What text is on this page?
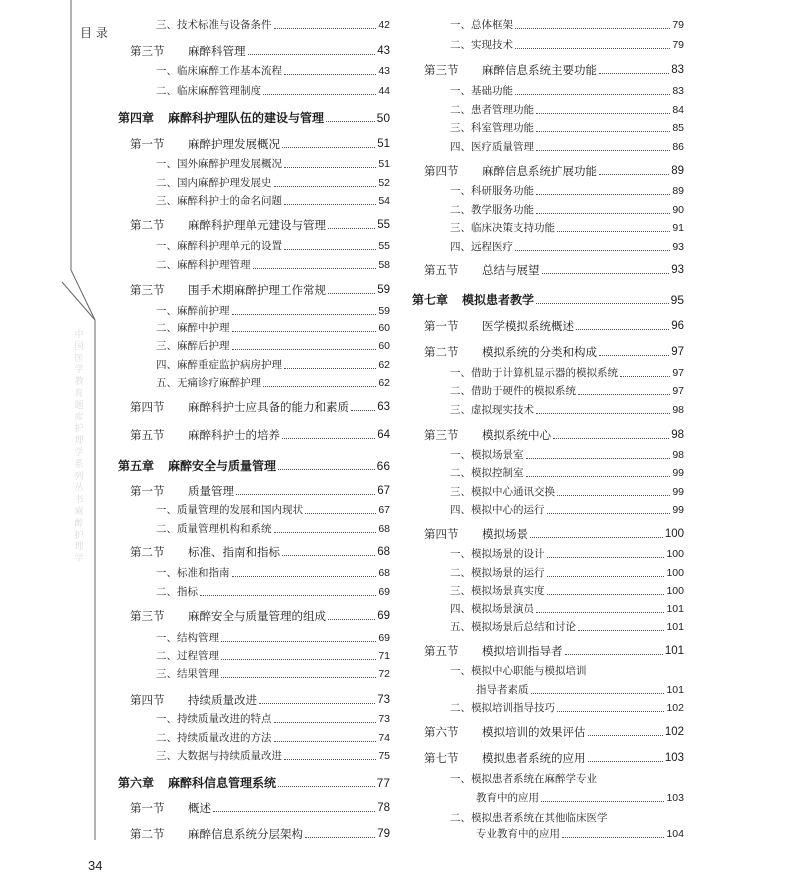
目 录
中国医学教育题库护理学系列丛书麻醉护理学
34
三、 技术标准与设备条件	42
第三节	麻醉科管理	43
一、 临床麻醉工作基本流程	43
二、 临床麻醉管理制度	44
第四章	麻醉科护理队伍的建设与管理	50
第一节	麻醉护理发展概况	51
一、 国外麻醉护理发展概况	51
二、 国内麻醉护理发展史	52
三、 麻醉科护士的命名问题	54
第二节	麻醉科护理单元建设与管理	55
一、 麻醉科护理单元的设置	55
二、 麻醉科护理管理	58
第三节	围手术期麻醉护理工作常规	59
一、 麻醉前护理	59
二、 麻醉中护理	60
三、 麻醉后护理	60
四、 麻醉重症监护病房护理	62
五、 无痛诊疗麻醉护理	62
第四节	麻醉科护士应具备的能力和素质 63
第五节	麻醉科护士的培养	64
第五章	麻醉安全与质量管理	66
第一节	质量管理	67
一、 质量管理的发展和国内现状	67
二、 质量管理机构和系统	68
第二节	标准、指南和指标	68
一、 标准和指南	68
二、 指标	69
第三节	麻醉安全与质量管理的组成	69
一、 结构管理	69
二、 过程管理	71
三、 结果管理	72
第四节	持续质量改进	73
一、 持续质量改进的特点	73
二、 持续质量改进的方法	74
三、 大数据与持续质量改进	75
第六章	麻醉科信息管理系统	77
第一节	概述	78
第二节	麻醉信息系统分层架构	79
一、 总体框架	79
二、 实现技术	79
第三节	麻醉信息系统主要功能	83
一、 基础功能	83
二、 患者管理功能	84
三、 科室管理功能	85
四、 医疗质量管理	86
第四节	麻醉信息系统扩展功能	89
一、 科研服务功能	89
二、 教学服务功能	90
三、 临床决策支持功能	91
四、 远程医疗	93
第五节	总结与展望	93
第七章	模拟患者教学	95
第一节	医学模拟系统概述	96
第二节	模拟系统的分类和构成	97
一、 借助于计算机显示器的模拟系统	97
二、 借助于硬件的模拟系统	97
三、 虚拟现实技术	98
第三节	模拟系统中心	98
一、 模拟场景室	98
二、 模拟控制室	99
三、 模拟中心通讯交换	99
四、 模拟中心的运行	99
第四节	模拟场景	100
一、 模拟场景的设计	100
二、 模拟场景的运行	100
三、 模拟场景真实度	100
四、 模拟场景演员	101
五、 模拟场景后总结和讨论	101
第五节	模拟培训指导者	101
一、 模拟中心职能与模拟培训
指导者素质	101
二、 模拟培训指导技巧	102
第六节	模拟培训的效果评估	102
第七节	模拟患者系统的应用	103
一、 模拟患者系统在麻醉学专业
教育中的应用	103
二、 模拟患者系统在其他临床医学
专业教育中的应用	104
